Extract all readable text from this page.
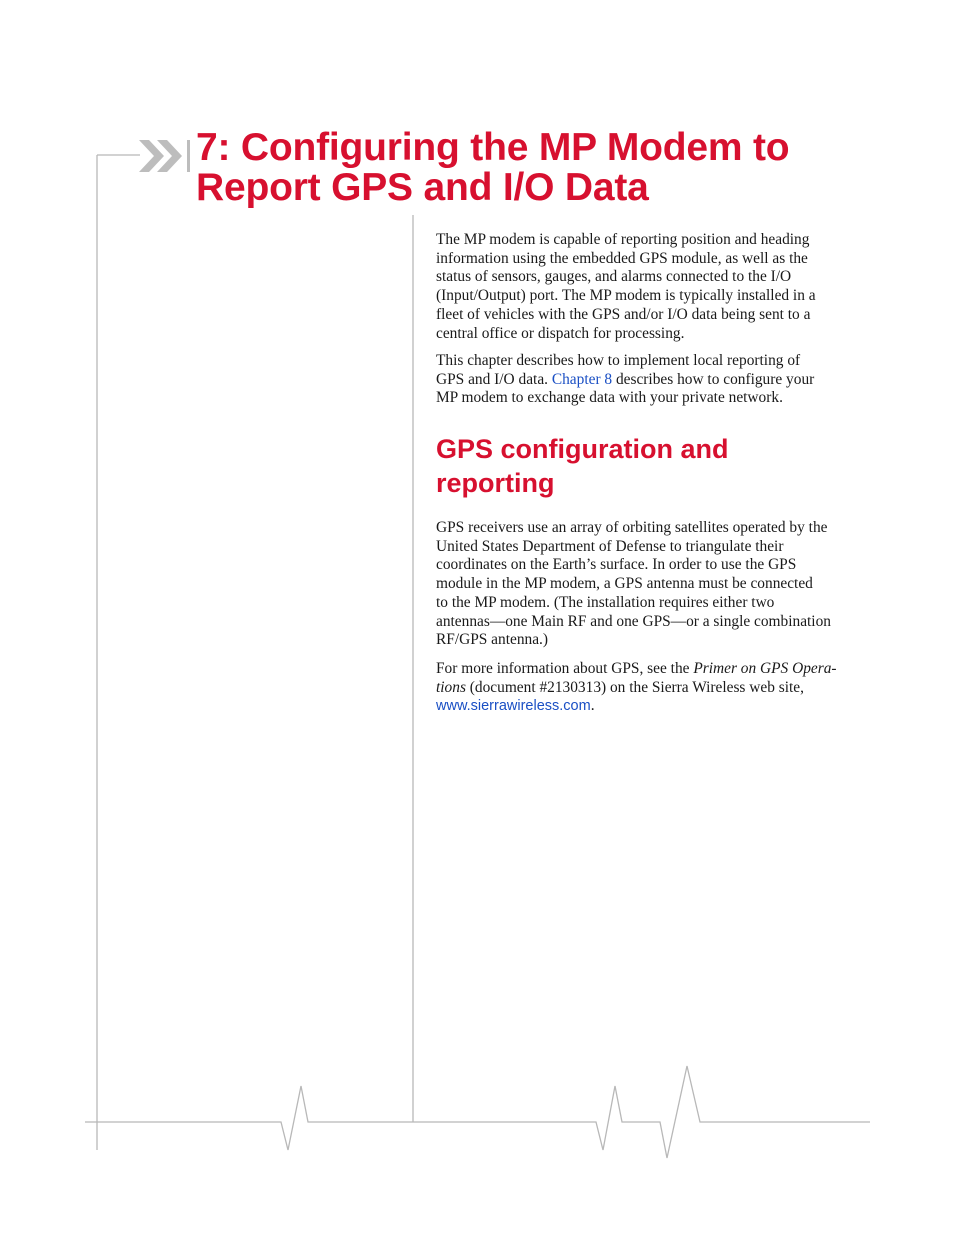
7: Configuring the MP Modem to
Report GPS and I/O Data

The MP modem is capable of reporting position and heading
information using the embedded GPS module, as well as the
status of sensors, gauges, and alarms connected to the I/O
(Input/Output) port. The MP modem is typically installed in a
fleet of vehicles with the GPS and/or I/O data being sent to a
central office or dispatch for processing.

This chapter describes how to implement local reporting of
GPS and I/O data. Chapter 8 describes how to configure your
MP modem to exchange data with your private network.

GPS configuration and
reporting

GPS receivers use an array of orbiting satellites operated by the
United States Department of Defense to triangulate their
coordinates on the Earth’s surface. In order to use the GPS
module in the MP modem, a GPS antenna must be connected
to the MP modem. (The installation requires either two
antennas—one Main RF and one GPS—or a single combination
RF/GPS antenna.)

For more information about GPS, see the Primer on GPS Opera-
tions (document #2130313) on the Sierra Wireless web site,
www.sierrawireless.com.
